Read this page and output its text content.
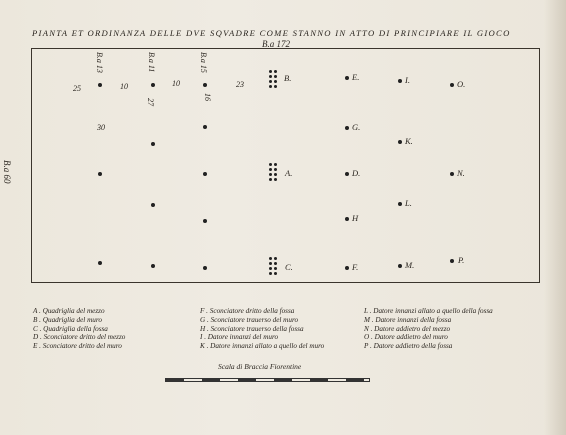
PIANTA ET ORDINANZA DELLE DVE SQVADRE COME STANNO IN ATTO DI PRINCIPIARE IL GIOCO
B.a 172
B.a 60
B.
A.
C.
E.	I.	O.
G.
K.
D.	N.
L.
H
F.	M.	P.
25	10	10	23
30
27
16
B.a 13	B.a 11	B.a 15
A . Quadriglia del mezzo
B . Quadriglia del muro
C . Quadriglia della fossa
D . Sconciatore dritto del mezzo
E . Sconciatore dritto del muro
F . Sconciatore dritto della fossa
G . Sconciatore trauerso del muro
H . Sconciatore trauerso della fossa
I . Datore innanzi del muro
K . Datore innanzi allato a quello del muro
L . Datore innanzi allato a quello della fossa
M . Datore innanzi della fossa
N . Datore addietro del mezzo
O . Datore addietro del muro
P . Datore addietro della fossa
Scala di Braccia Fiorentine
